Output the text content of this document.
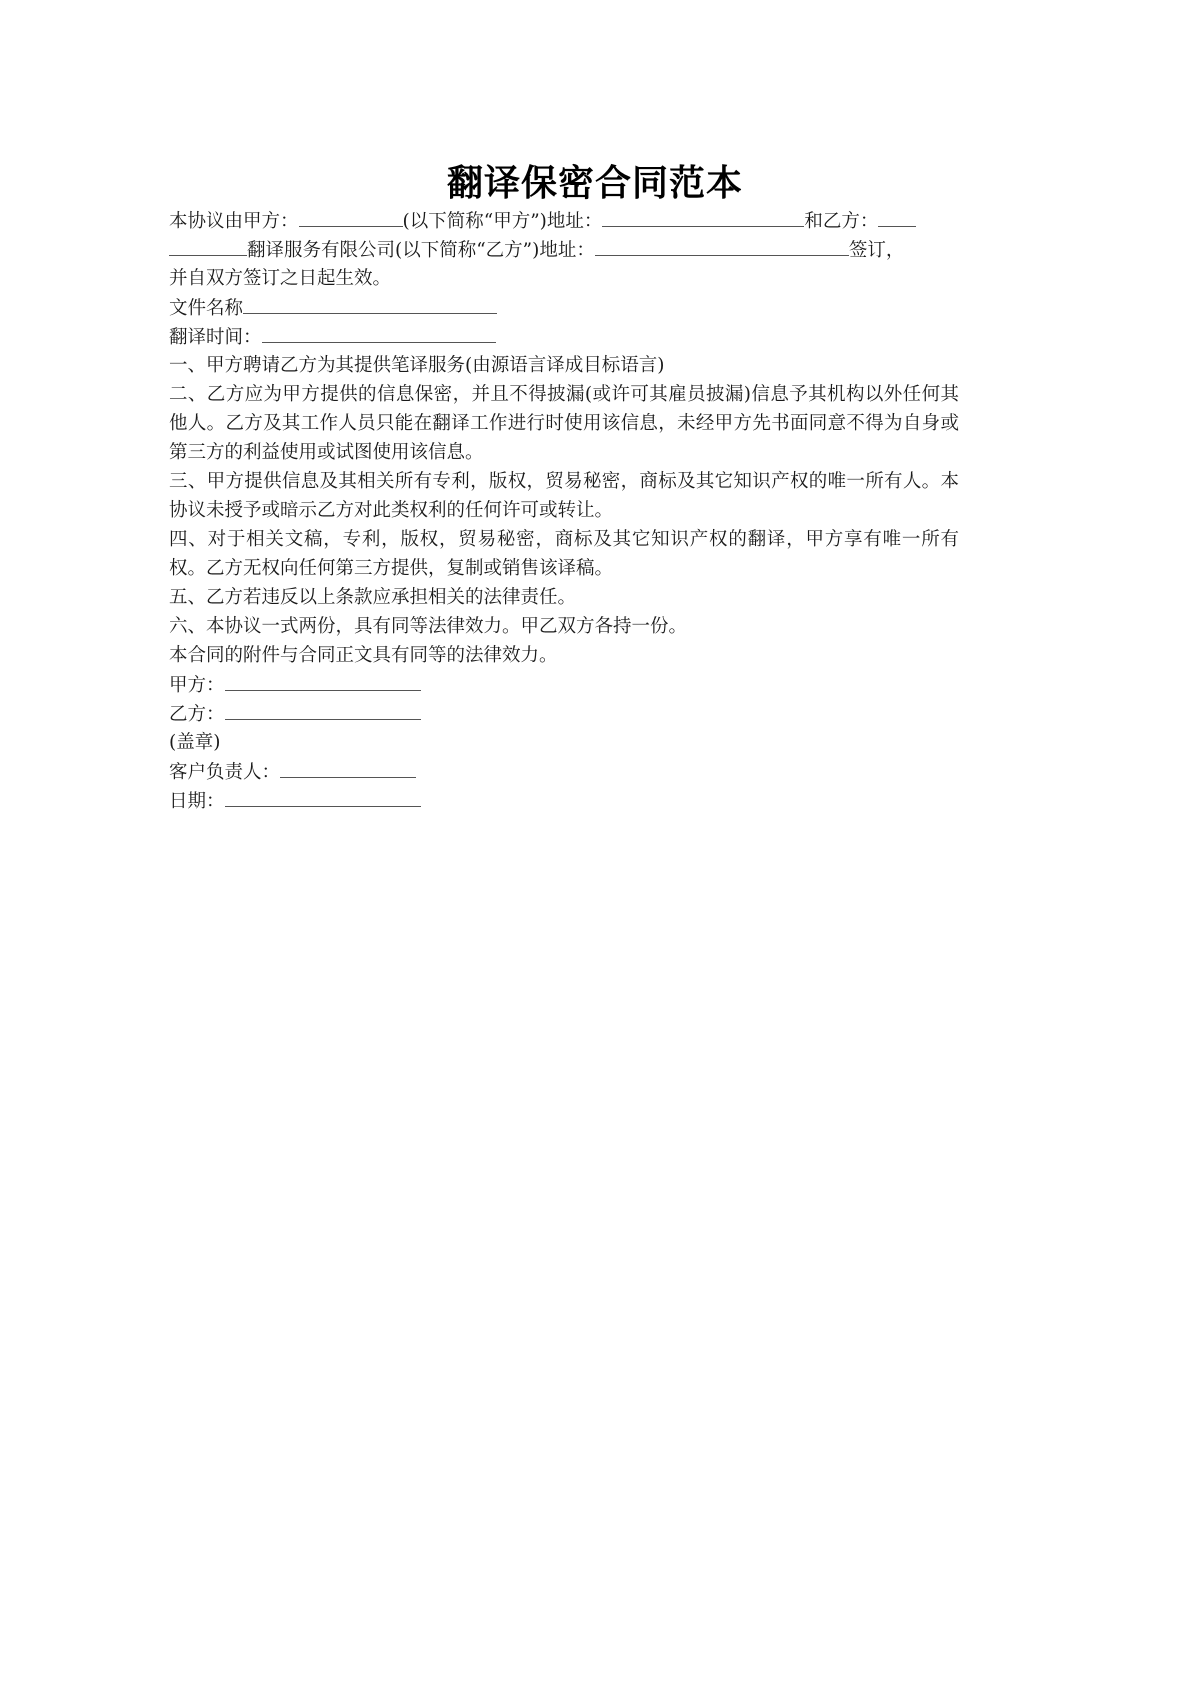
翻译保密合同范本
本协议由甲方：	(以下简称“甲方”)地址：	和乙方：
翻译服务有限公司(以下简称“乙方”)地址：	签订，
并自双方签订之日起生效。
文件名称
翻译时间：
一、甲方聘请乙方为其提供笔译服务(由源语言译成目标语言)
二、乙方应为甲方提供的信息保密，并且不得披漏(或许可其雇员披漏)信息予其机构以外任何其他人。乙方及其工作人员只能在翻译工作进行时使用该信息，未经甲方先书面同意不得为自身或第三方的利益使用或试图使用该信息。
三、甲方提供信息及其相关所有专利，版权，贸易秘密，商标及其它知识产权的唯一所有人。本协议未授予或暗示乙方对此类权利的任何许可或转让。
四、对于相关文稿，专利，版权，贸易秘密，商标及其它知识产权的翻译，甲方享有唯一所有权。乙方无权向任何第三方提供，复制或销售该译稿。
五、乙方若违反以上条款应承担相关的法律责任。
六、本协议一式两份，具有同等法律效力。甲乙双方各持一份。
本合同的附件与合同正文具有同等的法律效力。
甲方：
乙方：
(盖章)
客户负责人：
日期：
